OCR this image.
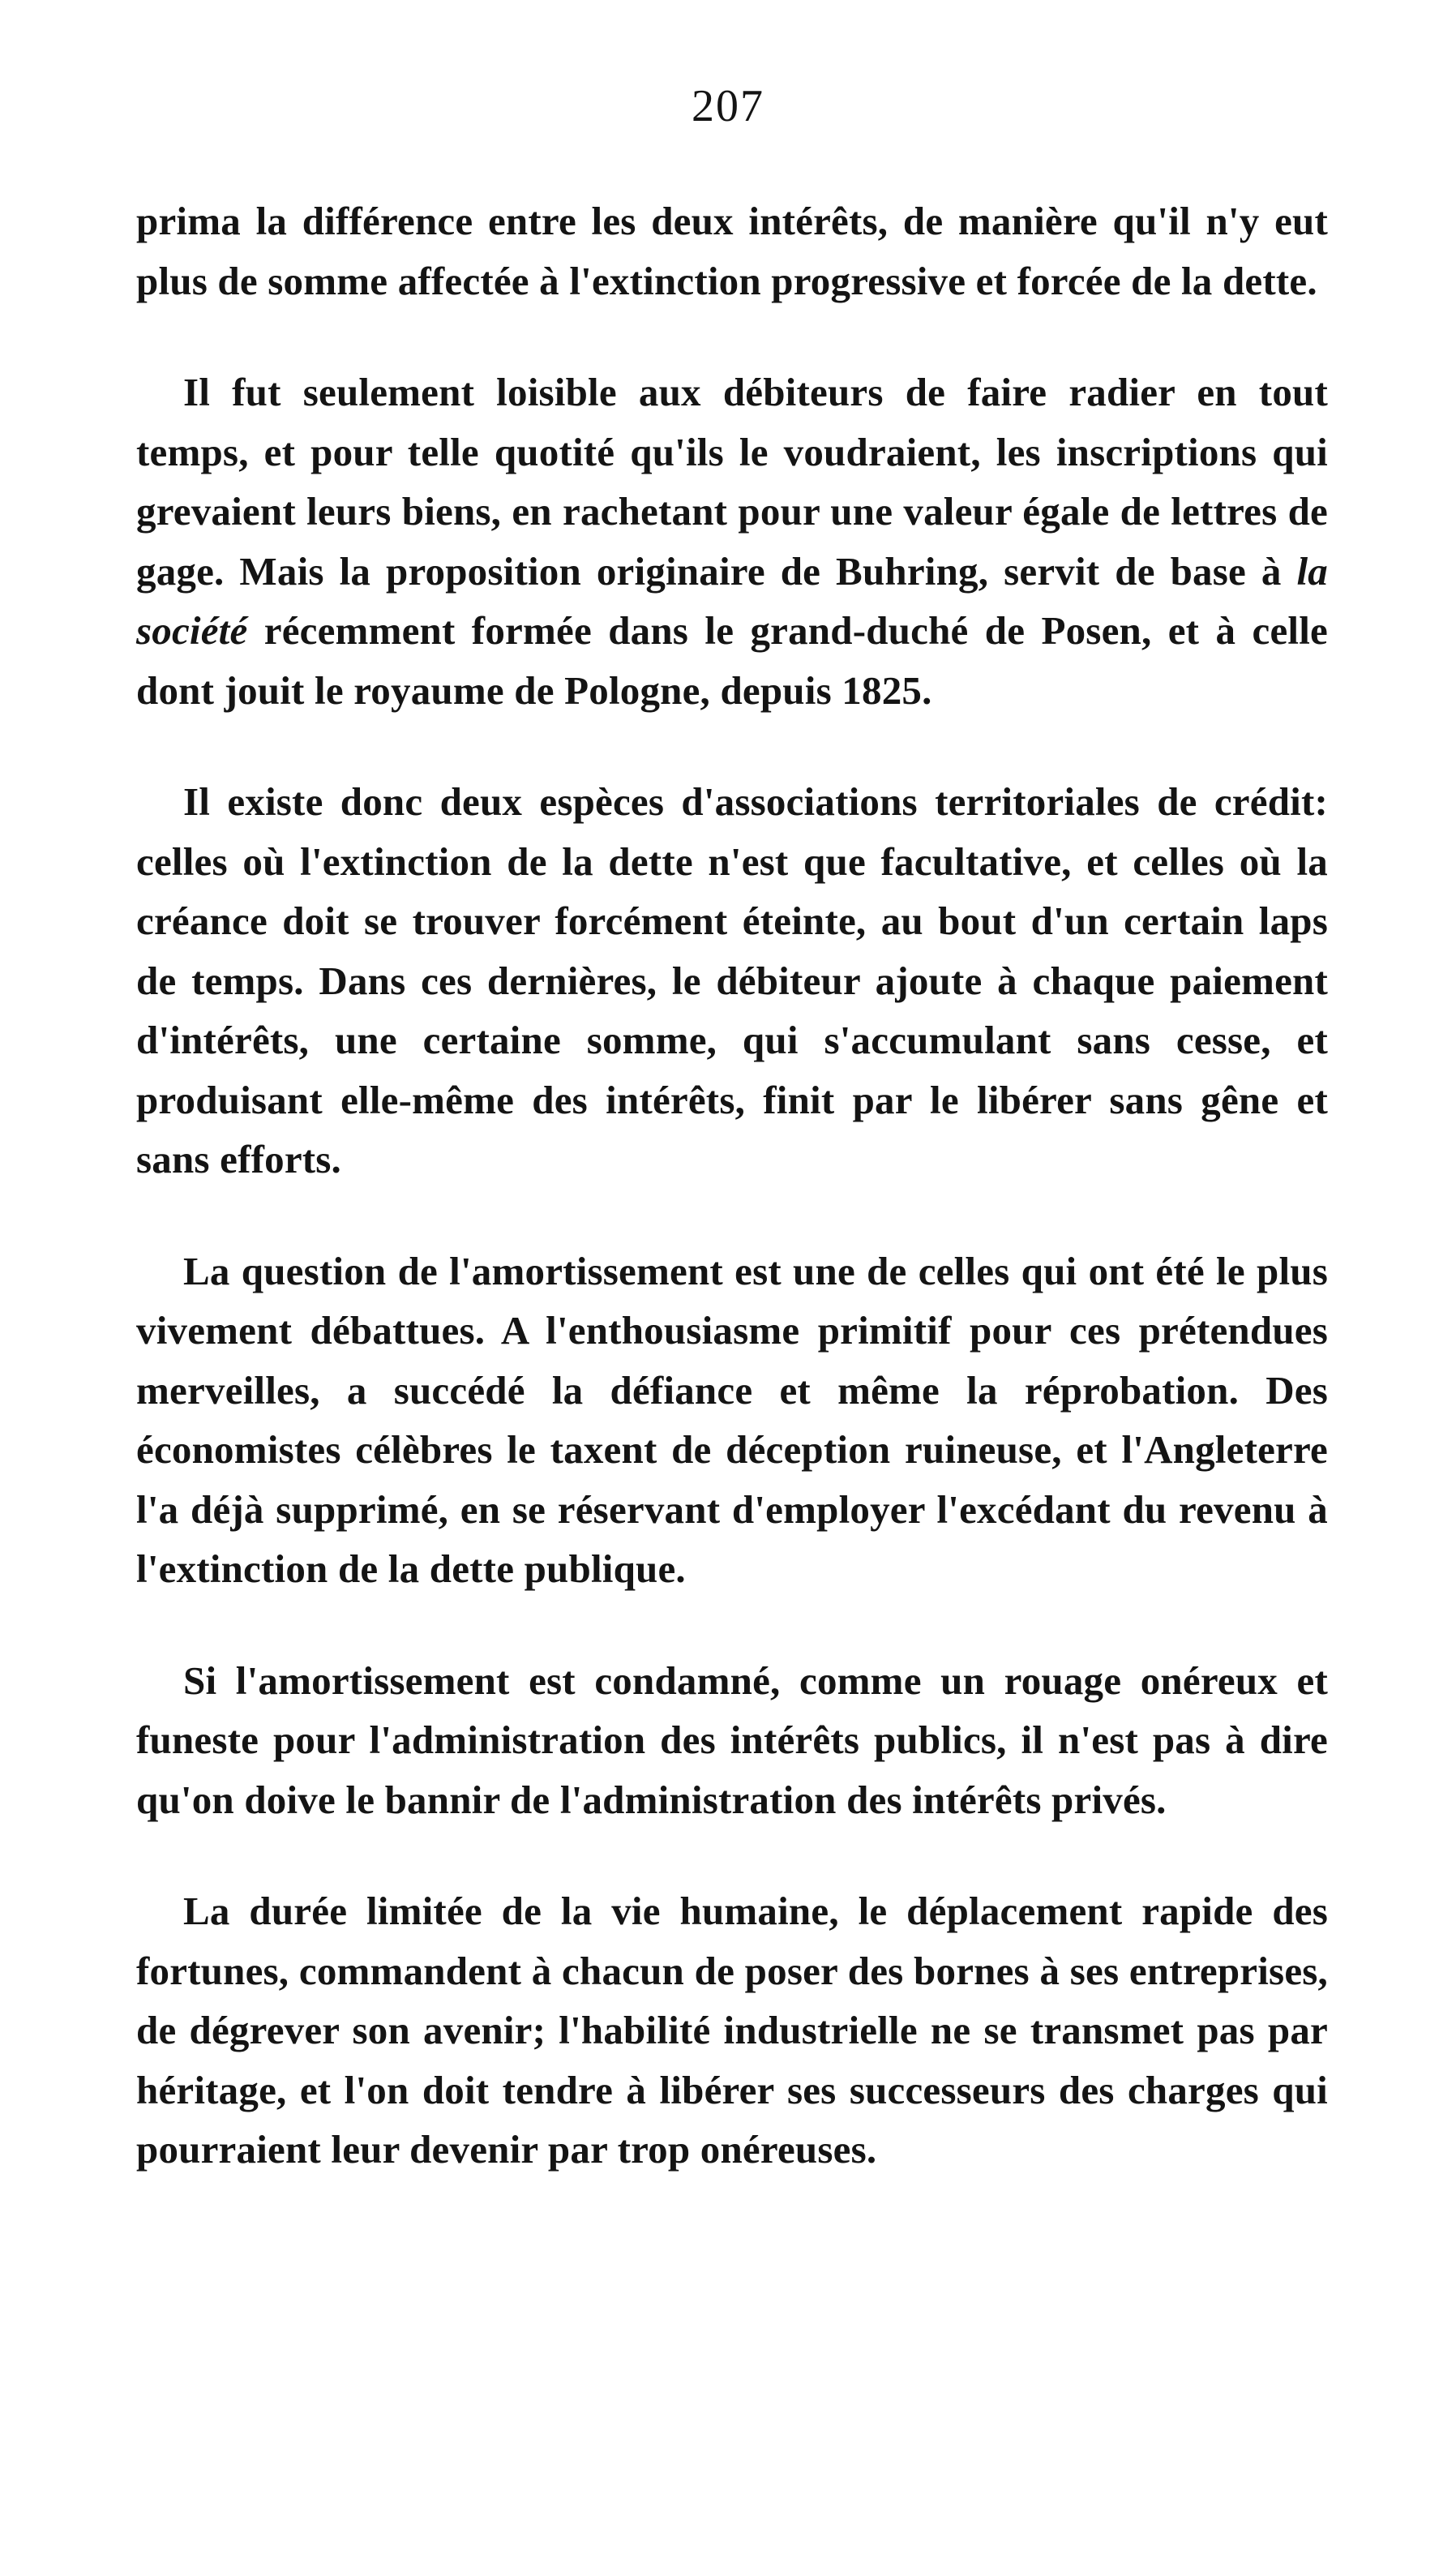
207

prima la différence entre les deux intérêts, de manière qu'il n'y eut plus de somme affectée à l'extinction progressive et forcée de la dette.

Il fut seulement loisible aux débiteurs de faire radier en tout temps, et pour telle quotité qu'ils le voudraient, les inscriptions qui grevaient leurs biens, en rachetant pour une valeur égale de lettres de gage. Mais la proposition originaire de Buhring, servit de base à la société récemment formée dans le grand-duché de Posen, et à celle dont jouit le royaume de Pologne, depuis 1825.

Il existe donc deux espèces d'associations territoriales de crédit: celles où l'extinction de la dette n'est que facultative, et celles où la créance doit se trouver forcément éteinte, au bout d'un certain laps de temps. Dans ces dernières, le débiteur ajoute à chaque paiement d'intérêts, une certaine somme, qui s'accumulant sans cesse, et produisant elle-même des intérêts, finit par le libérer sans gêne et sans efforts.

La question de l'amortissement est une de celles qui ont été le plus vivement débattues. A l'enthousiasme primitif pour ces prétendues merveilles, a succédé la défiance et même la réprobation. Des économistes célèbres le taxent de déception ruineuse, et l'Angleterre l'a déjà supprimé, en se réservant d'employer l'excédant du revenu à l'extinction de la dette publique.

Si l'amortissement est condamné, comme un rouage onéreux et funeste pour l'administration des intérêts publics, il n'est pas à dire qu'on doive le bannir de l'administration des intérêts privés.

La durée limitée de la vie humaine, le déplacement rapide des fortunes, commandent à chacun de poser des bornes à ses entreprises, de dégrever son avenir; l'habilité industrielle ne se transmet pas par héritage, et l'on doit tendre à libérer ses successeurs des charges qui pourraient leur devenir par trop onéreuses.
